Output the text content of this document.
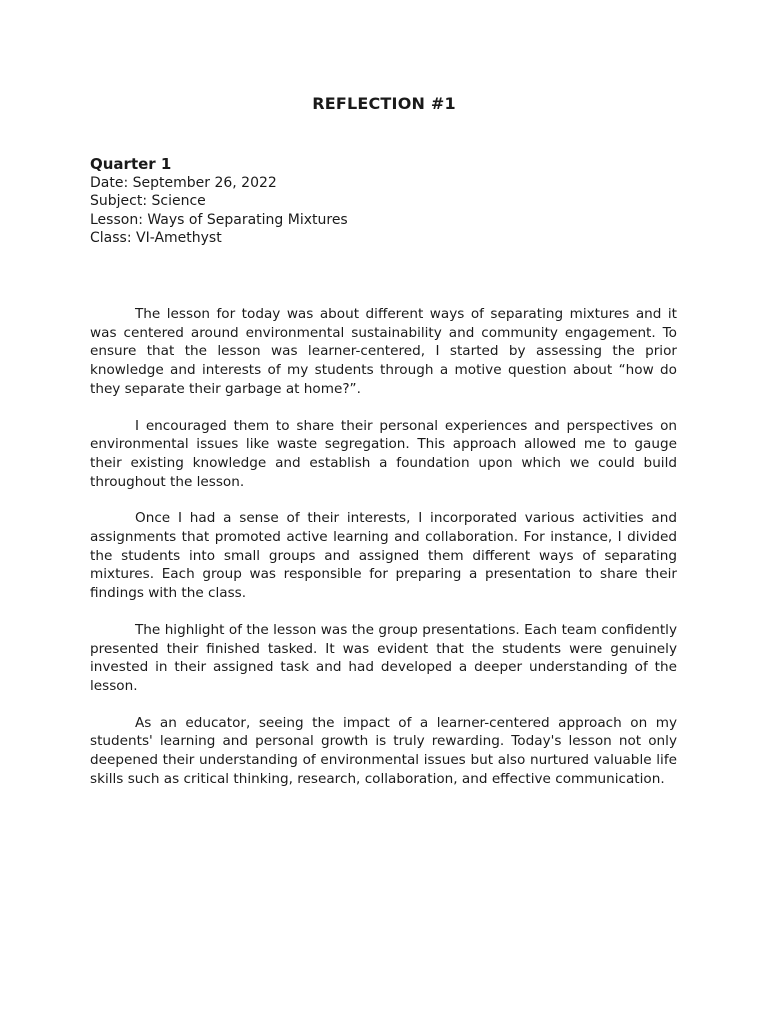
REFLECTION #1
Quarter 1
Date: September 26, 2022
Subject: Science
Lesson: Ways of Separating Mixtures
Class: VI-Amethyst

The lesson for today was about different ways of separating mixtures and it was centered around environmental sustainability and community engagement. To ensure that the lesson was learner-centered, I started by assessing the prior knowledge and interests of my students through a motive question about “how do they separate their garbage at home?”.

I encouraged them to share their personal experiences and perspectives on environmental issues like waste segregation. This approach allowed me to gauge their existing knowledge and establish a foundation upon which we could build throughout the lesson.

Once I had a sense of their interests, I incorporated various activities and assignments that promoted active learning and collaboration. For instance, I divided the students into small groups and assigned them different ways of separating mixtures. Each group was responsible for preparing a presentation to share their findings with the class.

The highlight of the lesson was the group presentations. Each team confidently presented their finished tasked. It was evident that the students were genuinely invested in their assigned task and had developed a deeper understanding of the lesson.

As an educator, seeing the impact of a learner-centered approach on my students' learning and personal growth is truly rewarding. Today's lesson not only deepened their understanding of environmental issues but also nurtured valuable life skills such as critical thinking, research, collaboration, and effective communication.
